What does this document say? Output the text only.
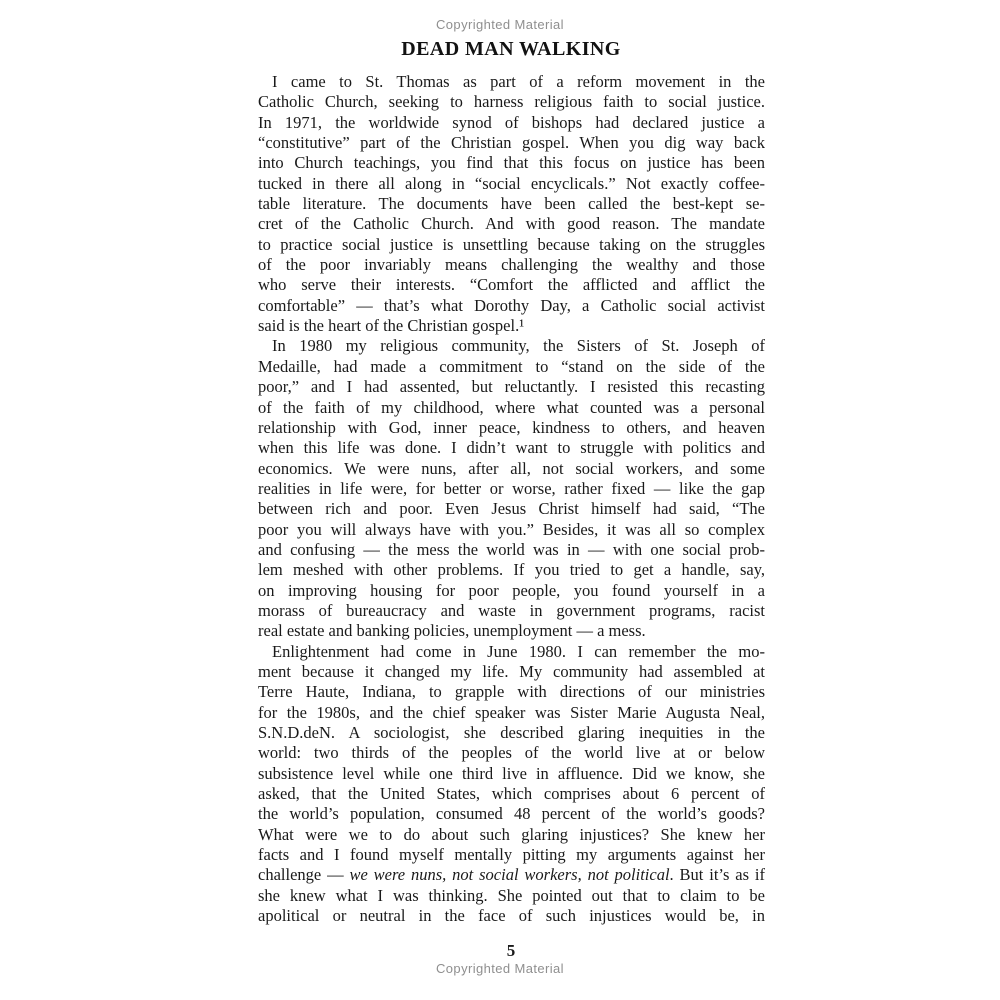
Copyrighted Material
DEAD MAN WALKING
I came to St. Thomas as part of a reform movement in the
Catholic Church, seeking to harness religious faith to social justice.
In 1971, the worldwide synod of bishops had declared justice a
“constitutive” part of the Christian gospel. When you dig way back
into Church teachings, you find that this focus on justice has been
tucked in there all along in “social encyclicals.” Not exactly coffee-
table literature. The documents have been called the best-kept se-
cret of the Catholic Church. And with good reason. The mandate
to practice social justice is unsettling because taking on the struggles
of the poor invariably means challenging the wealthy and those
who serve their interests. “Comfort the afflicted and afflict the
comfortable” — that’s what Dorothy Day, a Catholic social activist
said is the heart of the Christian gospel.¹
In 1980 my religious community, the Sisters of St. Joseph of
Medaille, had made a commitment to “stand on the side of the
poor,” and I had assented, but reluctantly. I resisted this recasting
of the faith of my childhood, where what counted was a personal
relationship with God, inner peace, kindness to others, and heaven
when this life was done. I didn’t want to struggle with politics and
economics. We were nuns, after all, not social workers, and some
realities in life were, for better or worse, rather fixed — like the gap
between rich and poor. Even Jesus Christ himself had said, “The
poor you will always have with you.” Besides, it was all so complex
and confusing — the mess the world was in — with one social prob-
lem meshed with other problems. If you tried to get a handle, say,
on improving housing for poor people, you found yourself in a
morass of bureaucracy and waste in government programs, racist
real estate and banking policies, unemployment — a mess.
Enlightenment had come in June 1980. I can remember the mo-
ment because it changed my life. My community had assembled at
Terre Haute, Indiana, to grapple with directions of our ministries
for the 1980s, and the chief speaker was Sister Marie Augusta Neal,
S.N.D.deN. A sociologist, she described glaring inequities in the
world: two thirds of the peoples of the world live at or below
subsistence level while one third live in affluence. Did we know, she
asked, that the United States, which comprises about 6 percent of
the world’s population, consumed 48 percent of the world’s goods?
What were we to do about such glaring injustices? She knew her
facts and I found myself mentally pitting my arguments against her
challenge — we were nuns, not social workers, not political. But it’s as if
she knew what I was thinking. She pointed out that to claim to be
apolitical or neutral in the face of such injustices would be, in
5
Copyrighted Material
